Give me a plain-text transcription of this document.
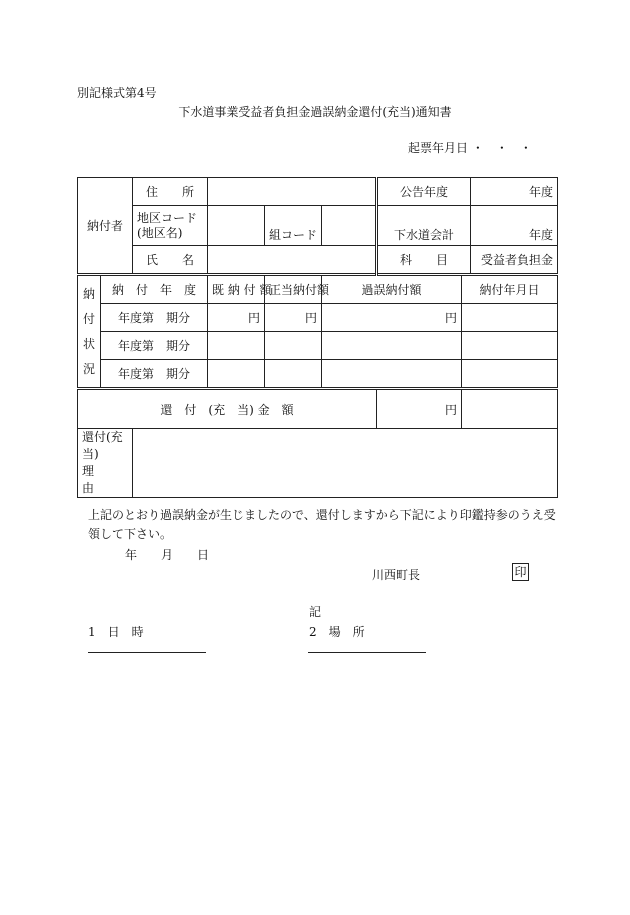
別記様式第4号
下水道事業受益者負担金過誤納金還付(充当)通知書
起票年月日 ・　・　・
納付者		住　　所				公告年度		年度

		地区コード
(地区名)		組コード		下水道会計		年度
		氏　　名				科　　目		受益者負担金

納
付
状
況	納　付　年　度		既 納 付 額	正当納付額	過誤納付額		納付年月日	
	年度第　期分		円	円	円			
	年度第　期分							
	年度第　期分							
還　付　(充　当) 金　額						円		

還付(充当)
理　　　由								

上記のとおり過誤納金が生じましたので、還付しますから下記により印鑑持参のうえ受領して下さい。
年　　月　　日
川西町長	印
記
1　日　時	2　場　所
